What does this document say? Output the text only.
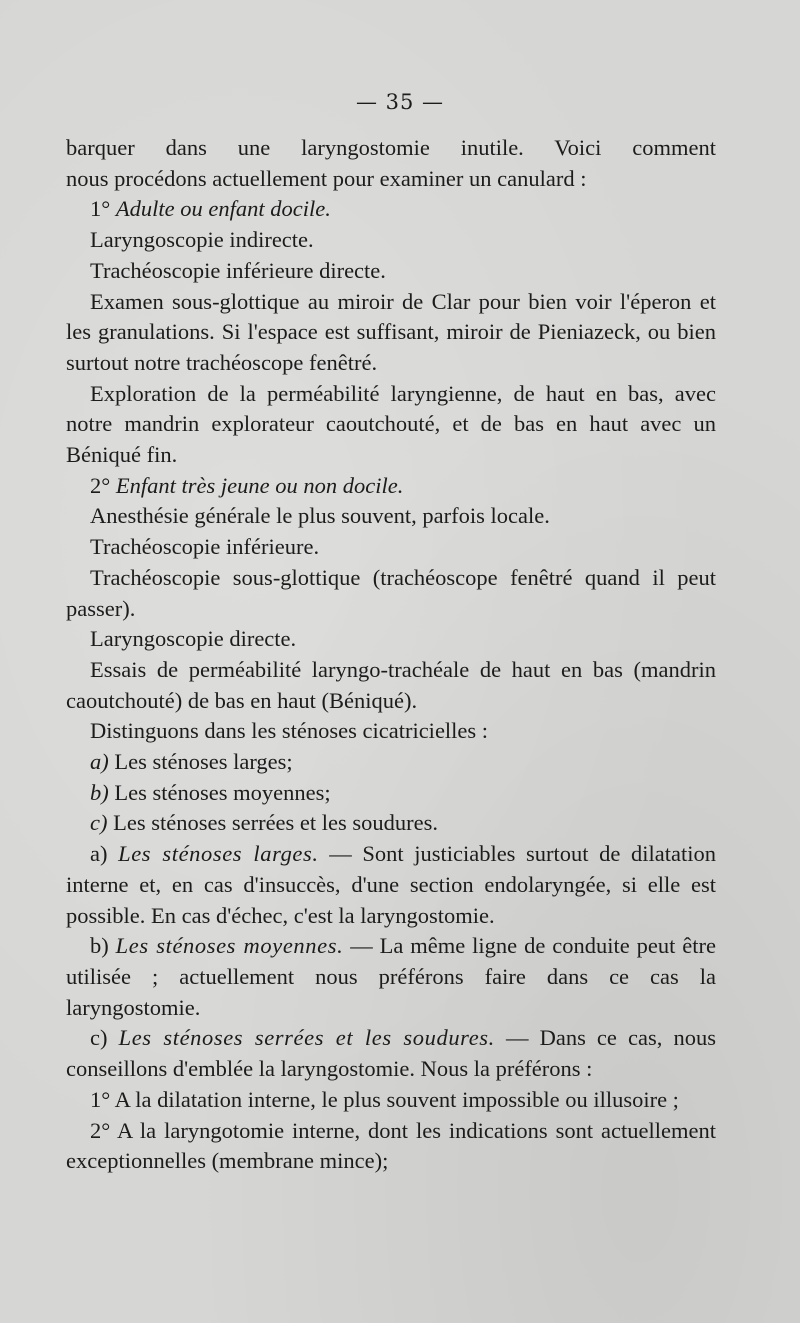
— 35 —

barquer dans une laryngostomie inutile. Voici comment

nous procédons actuellement pour examiner un canulard :

1° Adulte ou enfant docile.

Laryngoscopie indirecte.

Trachéoscopie inférieure directe.

Examen sous-glottique au miroir de Clar pour bien voir l'éperon et les granulations. Si l'espace est suffisant, miroir de Pieniazeck, ou bien surtout notre trachéoscope fenêtré.

Exploration de la perméabilité laryngienne, de haut en bas, avec notre mandrin explorateur caoutchouté, et de bas en haut avec un Béniqué fin.

2° Enfant très jeune ou non docile.

Anesthésie générale le plus souvent, parfois locale.

Trachéoscopie inférieure.

Trachéoscopie sous-glottique (trachéoscope fenêtré quand il peut passer).

Laryngoscopie directe.

Essais de perméabilité laryngo-trachéale de haut en bas (mandrin caoutchouté) de bas en haut (Béniqué).

Distinguons dans les sténoses cicatricielles :

a) Les sténoses larges;

b) Les sténoses moyennes;

c) Les sténoses serrées et les soudures.

a) Les sténoses larges. — Sont justiciables surtout de dilatation interne et, en cas d'insuccès, d'une section endolaryngée, si elle est possible. En cas d'échec, c'est la laryngostomie.

b) Les sténoses moyennes. — La même ligne de conduite peut être utilisée ; actuellement nous préférons faire dans ce cas la laryngostomie.

c) Les sténoses serrées et les soudures. — Dans ce cas, nous conseillons d'emblée la laryngostomie. Nous la préférons :

1° A la dilatation interne, le plus souvent impossible ou illusoire ;

2° A la laryngotomie interne, dont les indications sont actuellement exceptionnelles (membrane mince);
